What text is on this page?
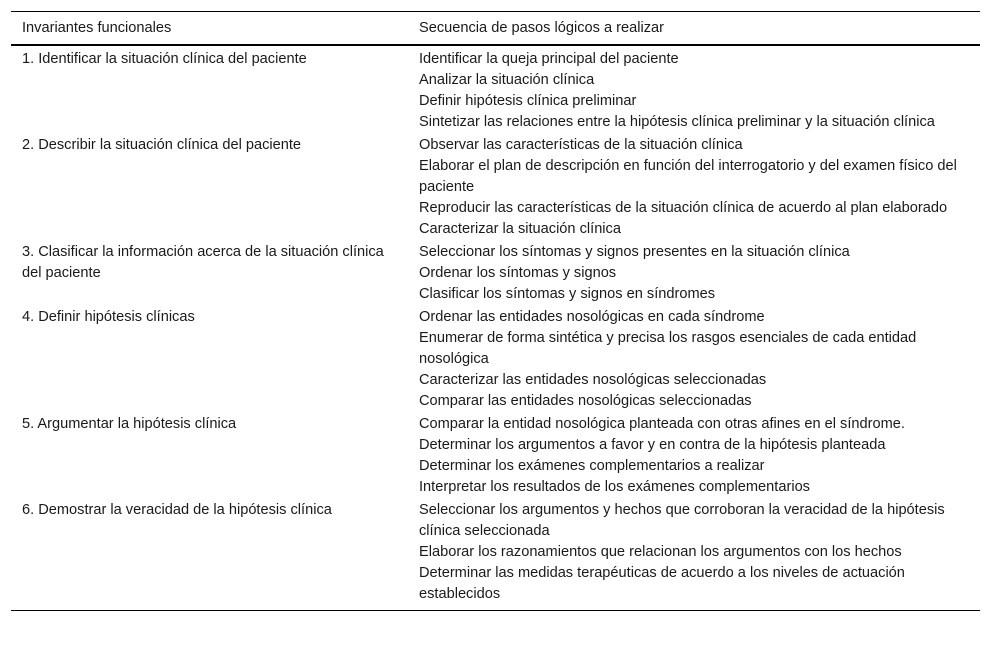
Invariantes funcionales	Secuencia de pasos lógicos a realizar
1. Identificar la situación clínica del paciente	Identificar la queja principal del paciente
Analizar la situación clínica
Definir hipótesis clínica preliminar
Sintetizar las relaciones entre la hipótesis clínica preliminar y la situación clínica

2. Describir la situación clínica del paciente	Observar las características de la situación clínica
Elaborar el plan de descripción en función del interrogatorio y del examen físico del paciente
Reproducir las características de la situación clínica de acuerdo al plan elaborado
Caracterizar la situación clínica

3. Clasificar la información acerca de la situación clínica del paciente	Seleccionar los síntomas y signos presentes en la situación clínica
Ordenar los síntomas y signos
Clasificar los síntomas y signos en síndromes

4. Definir hipótesis clínicas	Ordenar las entidades nosológicas en cada síndrome
Enumerar de forma sintética y precisa los rasgos esenciales de cada entidad nosológica
Caracterizar las entidades nosológicas seleccionadas
Comparar las entidades nosológicas seleccionadas

5. Argumentar la hipótesis clínica	Comparar la entidad nosológica planteada con otras afines en el síndrome.
Determinar los argumentos a favor y en contra de la hipótesis planteada
Determinar los exámenes complementarios a realizar
Interpretar los resultados de los exámenes complementarios

6. Demostrar la veracidad de la hipótesis clínica	Seleccionar los argumentos y hechos que corroboran la veracidad de la hipótesis clínica seleccionada
Elaborar los razonamientos que relacionan los argumentos con los hechos
Determinar las medidas terapéuticas de acuerdo a los niveles de actuación establecidos
